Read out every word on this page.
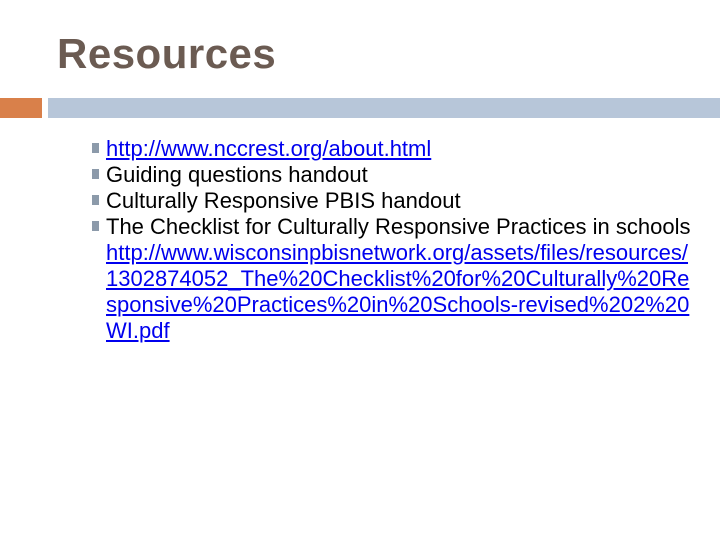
Resources
http://www.nccrest.org/about.html
Guiding questions handout
Culturally Responsive PBIS handout
The Checklist for Culturally Responsive Practices in schools
http://www.wisconsinpbisnetwork.org/assets/files/resources/1302874052_The%20Checklist%20for%20Culturally%20Responsive%20Practices%20in%20Schools-revised%202%20WI.pdf
